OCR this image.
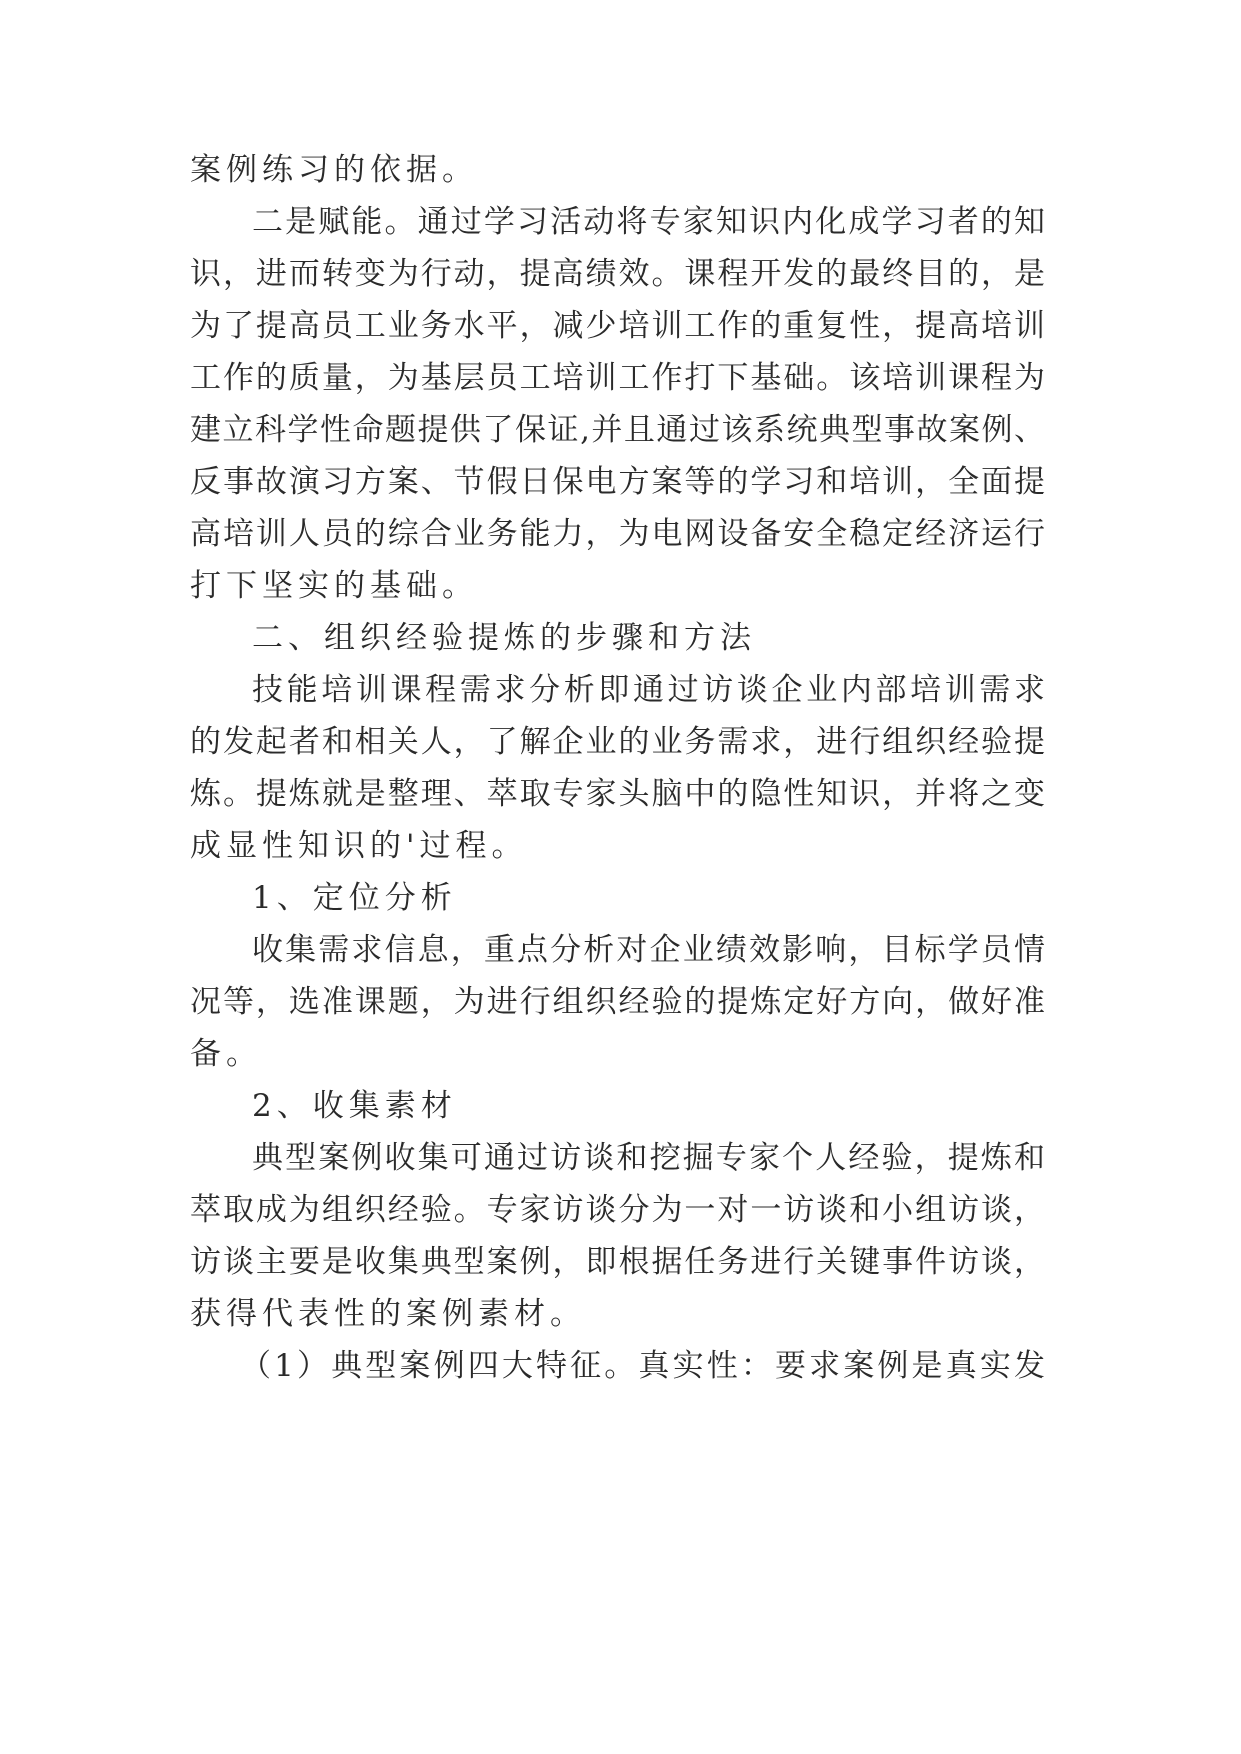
案例练习的依据。

二是赋能。通过学习活动将专家知识内化成学习者的知

识，进而转变为行动，提高绩效。课程开发的最终目的，是

为了提高员工业务水平，减少培训工作的重复性，提高培训

工作的质量，为基层员工培训工作打下基础。该培训课程为

建立科学性命题提供了保证,并且通过该系统典型事故案例、

反事故演习方案、节假日保电方案等的学习和培训，全面提

高培训人员的综合业务能力，为电网设备安全稳定经济运行

打下坚实的基础。

二、组织经验提炼的步骤和方法

技能培训课程需求分析即通过访谈企业内部培训需求

的发起者和相关人，了解企业的业务需求，进行组织经验提

炼。提炼就是整理、萃取专家头脑中的隐性知识，并将之变

成显性知识的'过程。

1、定位分析

收集需求信息，重点分析对企业绩效影响，目标学员情

况等，选准课题，为进行组织经验的提炼定好方向，做好准

备。

2、收集素材

典型案例收集可通过访谈和挖掘专家个人经验，提炼和

萃取成为组织经验。专家访谈分为一对一访谈和小组访谈，

访谈主要是收集典型案例，即根据任务进行关键事件访谈，

获得代表性的案例素材。

（1）典型案例四大特征。真实性：要求案例是真实发
